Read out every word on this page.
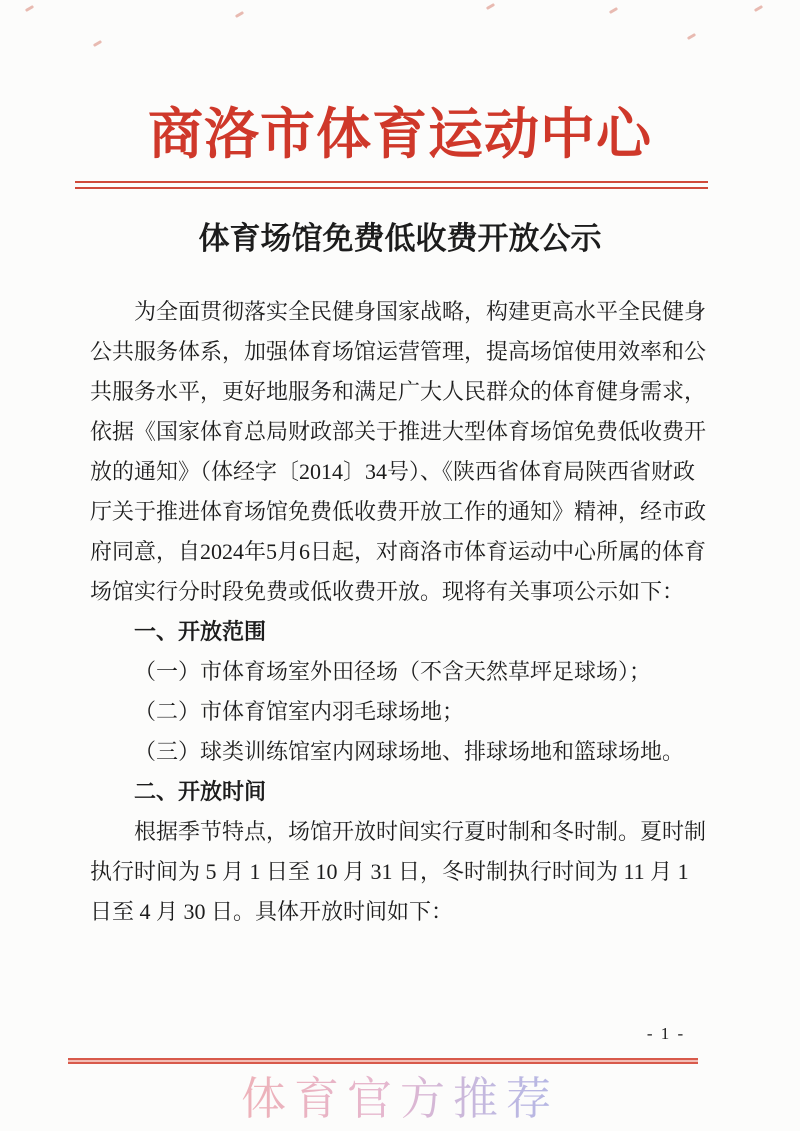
商洛市体育运动中心
体育场馆免费低收费开放公示
为全面贯彻落实全民健身国家战略，构建更高水平全民健身
公共服务体系，加强体育场馆运营管理，提高场馆使用效率和公
共服务水平，更好地服务和满足广大人民群众的体育健身需求，
依据《国家体育总局财政部关于推进大型体育场馆免费低收费开
放的通知》（体经字〔2014〕34号）、《陕西省体育局陕西省财政
厅关于推进体育场馆免费低收费开放工作的通知》精神，经市政
府同意，自2024年5月6日起，对商洛市体育运动中心所属的体育
场馆实行分时段免费或低收费开放。现将有关事项公示如下：
一、开放范围
（一）市体育场室外田径场（不含天然草坪足球场）；
（二）市体育馆室内羽毛球场地；
（三）球类训练馆室内网球场地、排球场地和篮球场地。
二、开放时间
根据季节特点，场馆开放时间实行夏时制和冬时制。夏时制
执行时间为 5 月 1 日至 10 月 31 日，冬时制执行时间为 11 月 1
日至 4 月 30 日。具体开放时间如下：
- 1 -
体育官方推荐
